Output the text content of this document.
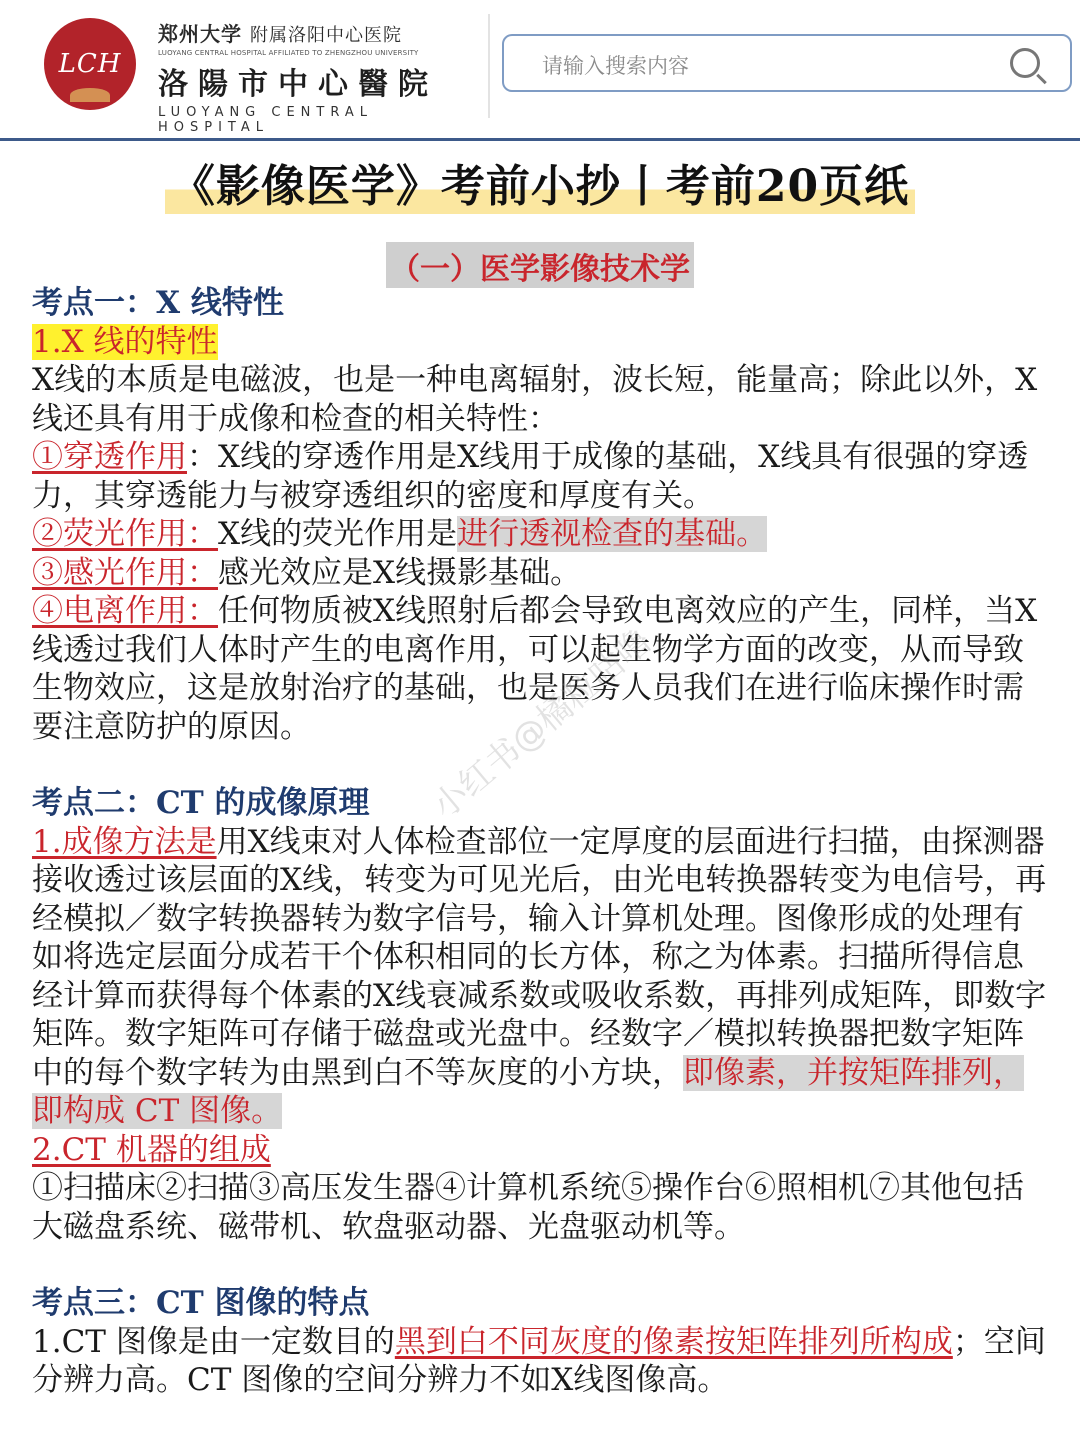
LCH
郑州大学 附属洛阳中心医院
LUOYANG CENTRAL HOSPITAL AFFILIATED TO ZHENGZHOU UNIVERSITY
洛陽市中心醫院
LUOYANG CENTRAL HOSPITAL
请输入搜索内容
《影像医学》考前小抄丨考前20页纸
（一）医学影像技术学

考点一：X 线特性

1.X 线的特性

X线的本质是电磁波，也是一种电离辐射，波长短，能量高；除此以外，X线还具有用于成像和检查的相关特性：

①穿透作用：X线的穿透作用是X线用于成像的基础，X线具有很强的穿透力，其穿透能力与被穿透组织的密度和厚度有关。

②荧光作用：X线的荧光作用是进行透视检查的基础。

③感光作用：感光效应是X线摄影基础。

④电离作用：任何物质被X线照射后都会导致电离效应的产生，同样，当X线透过我们人体时产生的电离作用，可以起生物学方面的改变，从而导致生物效应，这是放射治疗的基础，也是医务人员我们在进行临床操作时需要注意防护的原因。

考点二：CT 的成像原理

1.成像方法是用X线束对人体检查部位一定厚度的层面进行扫描，由探测器接收透过该层面的X线，转变为可见光后，由光电转换器转变为电信号，再经模拟／数字转换器转为数字信号，输入计算机处理。图像形成的处理有如将选定层面分成若干个体积相同的长方体，称之为体素。扫描所得信息经计算而获得每个体素的X线衰减系数或吸收系数，再排列成矩阵，即数字矩阵。数字矩阵可存储于磁盘或光盘中。经数字／模拟转换器把数字矩阵中的每个数字转为由黑到白不等灰度的小方块，即像素，并按矩阵排列，即构成 CT 图像。

2.CT 机器的组成

①扫描床②扫描③高压发生器④计算机系统⑤操作台⑥照相机⑦其他包括大磁盘系统、磁带机、软盘驱动器、光盘驱动机等。

考点三：CT 图像的特点

1.CT 图像是由一定数目的黑到白不同灰度的像素按矩阵排列所构成；空间分辨力高。CT 图像的空间分辨力不如X线图像高。

小红书@橘粒咕噜
